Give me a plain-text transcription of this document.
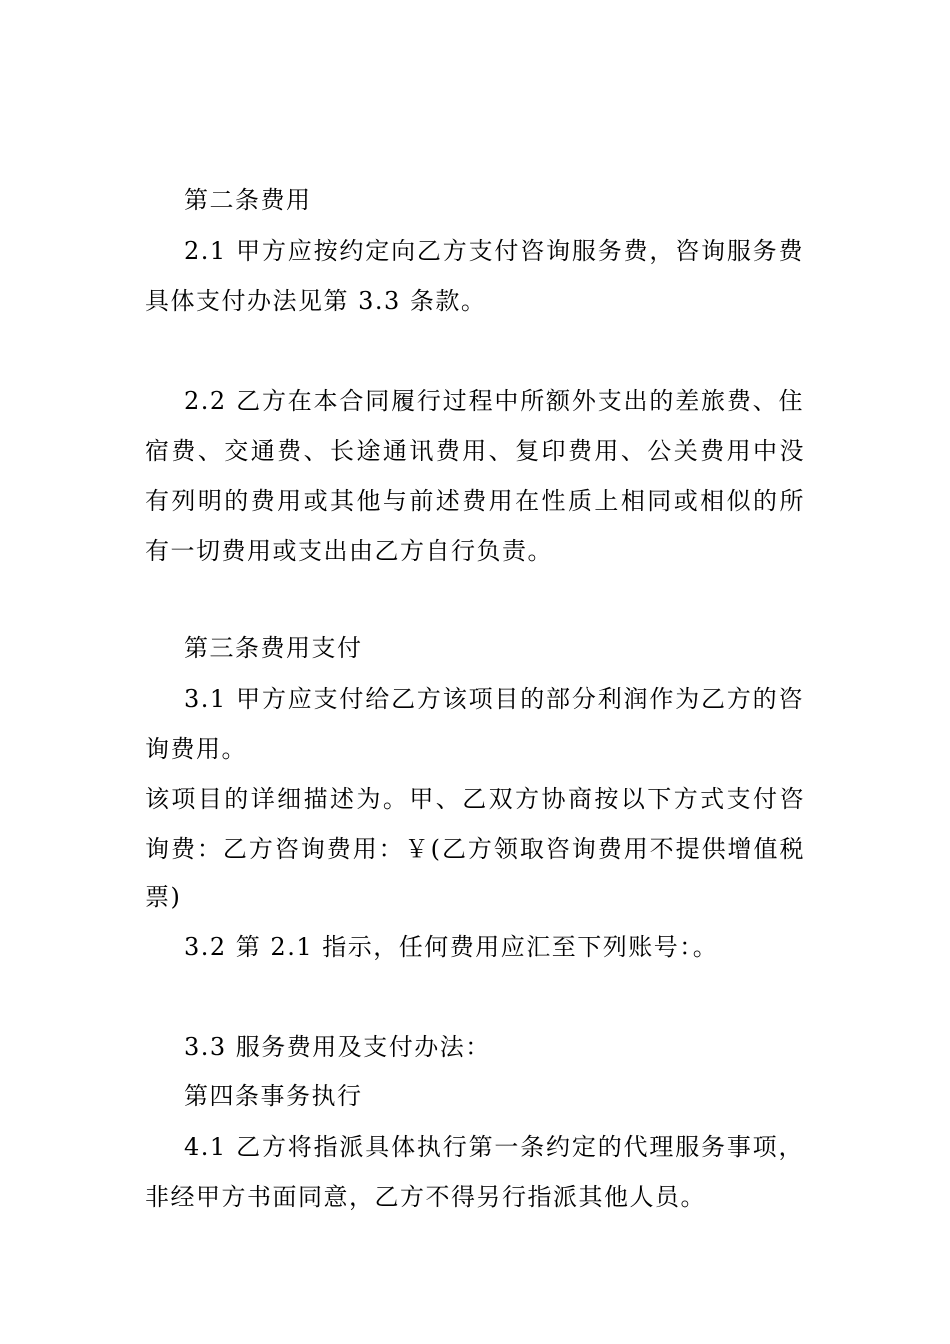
第二条费用
2.1 甲方应按约定向乙方支付咨询服务费，咨询服务费
具体支付办法见第 3.3 条款。
2.2 乙方在本合同履行过程中所额外支出的差旅费、住
宿费、交通费、长途通讯费用、复印费用、公关费用中没
有列明的费用或其他与前述费用在性质上相同或相似的所
有一切费用或支出由乙方自行负责。
第三条费用支付
3.1 甲方应支付给乙方该项目的部分利润作为乙方的咨
询费用。
该项目的详细描述为。甲、乙双方协商按以下方式支付咨
询费：乙方咨询费用：￥(乙方领取咨询费用不提供增值税
票)
3.2 第 2.1 指示，任何费用应汇至下列账号：。
3.3 服务费用及支付办法：
第四条事务执行
4.1 乙方将指派具体执行第一条约定的代理服务事项，
非经甲方书面同意，乙方不得另行指派其他人员。
